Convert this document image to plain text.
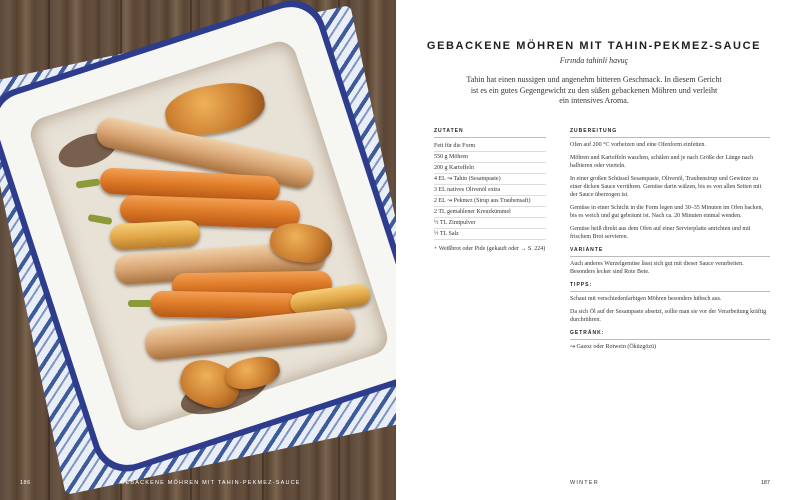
186	GEBACKENE MÖHREN MIT TAHIN-PEKMEZ-SAUCE
GEBACKENE MÖHREN MIT TAHIN-PEKMEZ-SAUCE
Fırında tahinli havuç
Tahin hat einen nussigen und angenehm bitteren Geschmack. In diesem Gericht ist es ein gutes Gegengewicht zu den süßen gebackenen Möhren und verleiht ein intensives Aroma.
ZUTATEN
Fett für die Form
550 g Möhren
200 g Kartoffeln
4 EL ↝ Tahin (Sesampaste)
3 EL natives Olivenöl extra
2 EL ↝ Pekmez (Sirup aus Traubensaft)
2 TL gemahlener Kreuzkümmel
½ TL Zimtpulver
½ TL Salz
+ Weißbrot oder Pide (gekauft oder → S. 224)
ZUBEREITUNG
Ofen auf 200 °C vorheizen und eine Ofenform einfetten.
Möhren und Kartoffeln waschen, schälen und je nach Größe der Länge nach halbieren oder vierteln.
In einer großen Schüssel Sesampaste, Olivenöl, Traubensirup und Gewürze zu einer dicken Sauce verrühren. Gemüse darin wälzen, bis es von allen Seiten mit der Sauce überzogen ist.
Gemüse in einer Schicht in die Form legen und 30–35 Minuten im Ofen backen, bis es weich und gut gebräunt ist. Nach ca. 20 Minuten einmal wenden.
Gemüse heiß direkt aus dem Ofen auf einer Servierplatte anrichten und mit frischem Brot servieren.
VARIANTE
Auch anderes Wurzelgemüse lässt sich gut mit dieser Sauce verarbeiten. Besonders lecker sind Rote Bete.
TIPPS:
Schaut mit verschiedenfarbigen Möhren besonders hübsch aus.
Da sich Öl auf der Sesampaste absetzt, sollte man sie vor der Verarbeitung kräftig durchrühren.
GETRÄNK:
↝ Gazoz oder Rotwein (Öküzgözü)
WINTER	187
